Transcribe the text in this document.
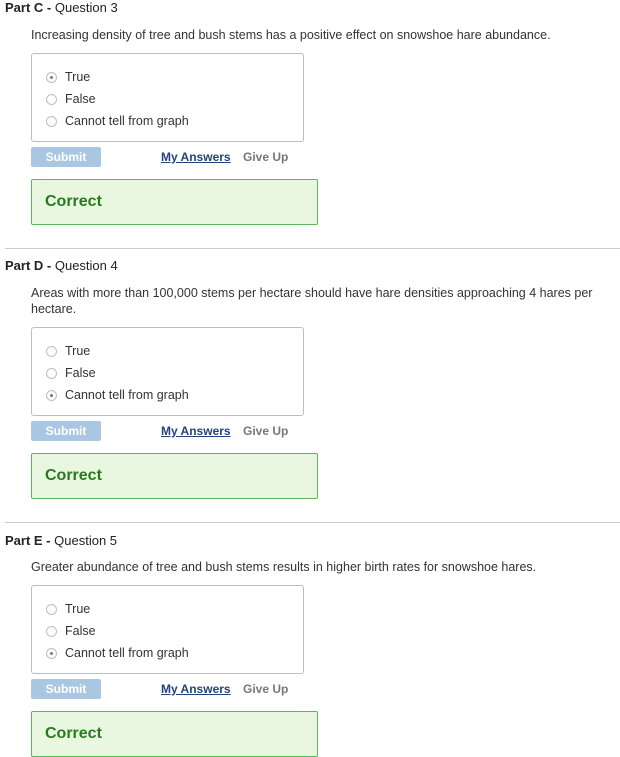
Part C - Question 3
Increasing density of tree and bush stems has a positive effect on snowshoe hare abundance.
True
False
Cannot tell from graph
Submit	My Answers Give Up
Correct
Part D - Question 4
Areas with more than 100,000 stems per hectare should have hare densities approaching 4 hares per hectare.
True
False
Cannot tell from graph
Submit	My Answers Give Up
Correct
Part E - Question 5
Greater abundance of tree and bush stems results in higher birth rates for snowshoe hares.
True
False
Cannot tell from graph
Submit	My Answers Give Up
Correct
